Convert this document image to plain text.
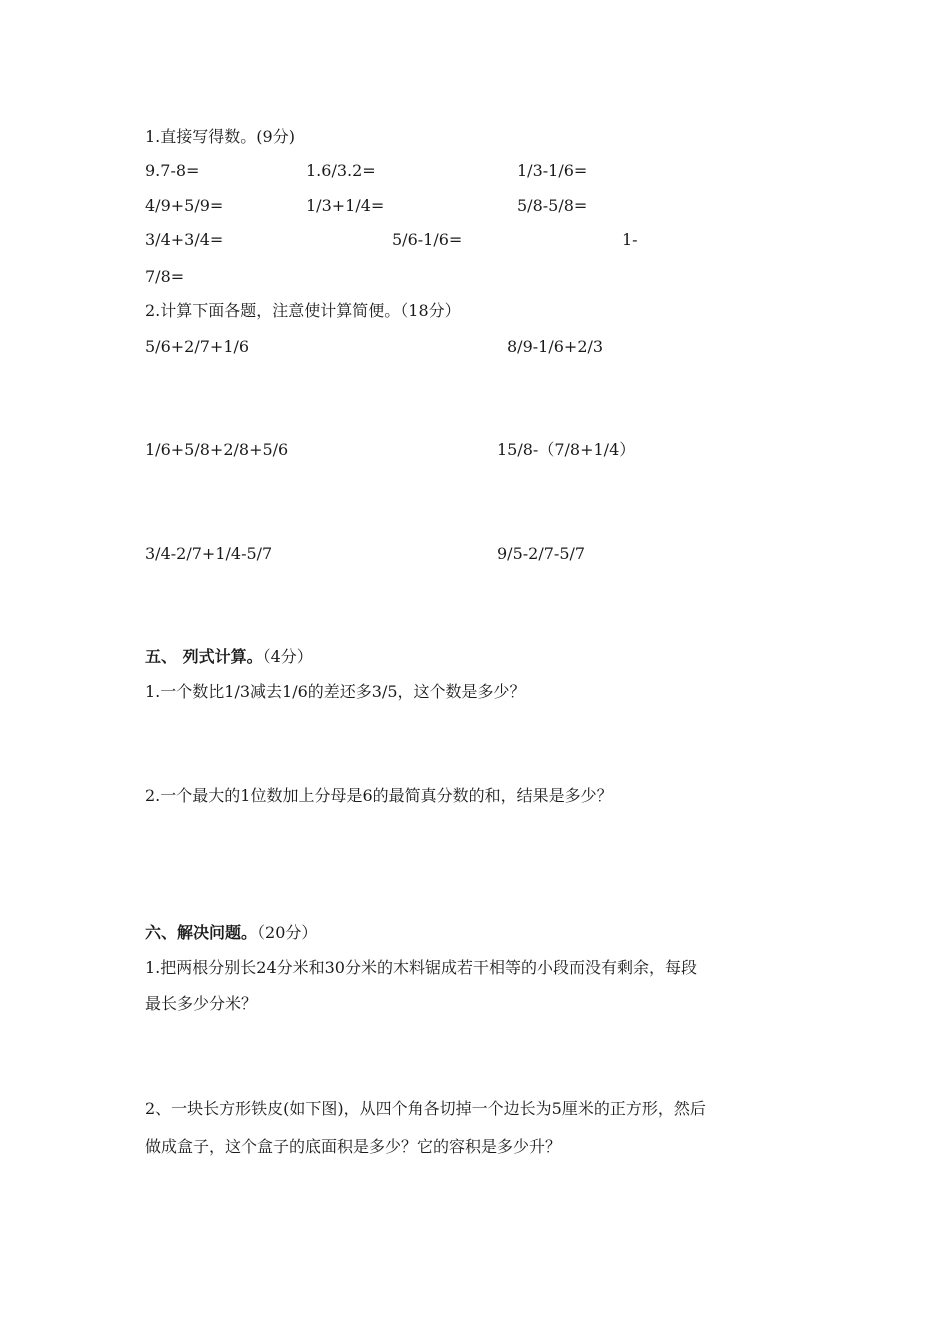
1.直接写得数。(9分)
9.7-8=	1.6/3.2=	1/3-1/6=
4/9+5/9=	1/3+1/4=	5/8-5/8=
3/4+3/4=	5/6-1/6=	1-
7/8=
2.计算下面各题，注意使计算简便。（18分）
5/6+2/7+1/6	8/9-1/6+2/3
1/6+5/8+2/8+5/6	15/8-（7/8+1/4）
3/4-2/7+1/4-5/7	9/5-2/7-5/7
五、 列式计算。（4分）
1.一个数比1/3减去1/6的差还多3/5，这个数是多少？
2.一个最大的1位数加上分母是6的最简真分数的和，结果是多少？
六、解决问题。（20分）
1.把两根分别长24分米和30分米的木料锯成若干相等的小段而没有剩余，每段
最长多少分米？
2、一块长方形铁皮(如下图)，从四个角各切掉一个边长为5厘米的正方形，然后
做成盒子，这个盒子的底面积是多少？它的容积是多少升？
